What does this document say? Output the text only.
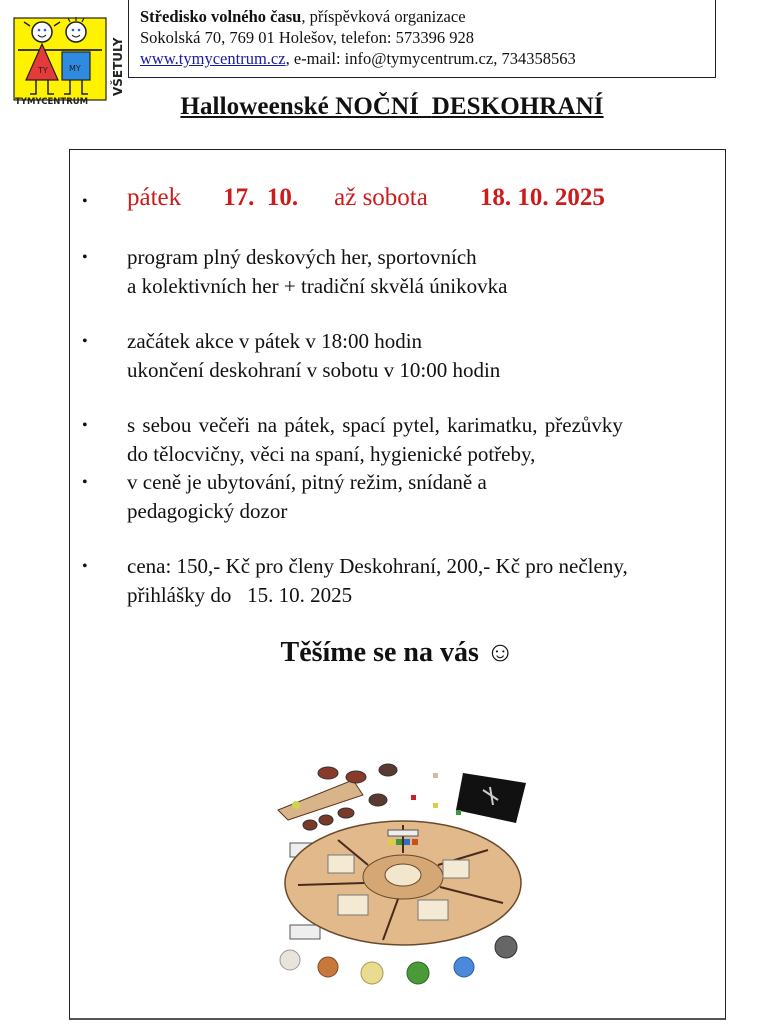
TY	MY
TYMYCENTRUM
VŠETULY
Středisko volného času, příspěvková organizace
Sokolská 70, 769 01 Holešov, telefon: 573396 928
www.tymycentrum.cz, e-mail: info@tymycentrum.cz, 734358563
Halloweenské NOČNÍ DESKOHRANÍ
• pátek 17.  10. až sobota 18. 10. 2025
• program plný deskových her, sportovních
a kolektivních her + tradiční skvělá únikovka
• začátek akce v pátek v 18:00 hodin
ukončení deskohraní v sobotu v 10:00 hodin
• s sebou večeři na pátek, spací pytel, karimatku, přezůvky
do tělocvičny, věci na spaní, hygienické potřeby,
• v ceně je ubytování, pitný režim, snídaně a
pedagogický dozor
• cena: 150,- Kč pro členy Deskohraní, 200,- Kč pro nečleny,
přihlášky do   15. 10. 2025
Těšíme se na vás ☺
